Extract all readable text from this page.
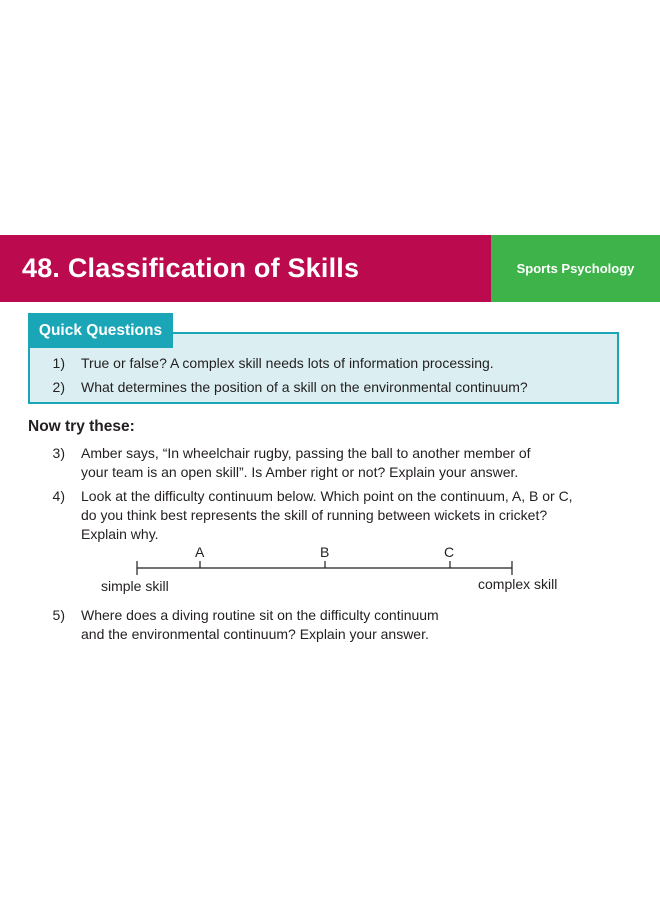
48. Classification of Skills	Sports Psychology
Quick Questions
1) True or false? A complex skill needs lots of information processing.
2) What determines the position of a skill on the environmental continuum?
Now try these:
3) Amber says, “In wheelchair rugby, passing the ball to another member of
your team is an open skill”. Is Amber right or not? Explain your answer.
4) Look at the difficulty continuum below. Which point on the continuum, A, B or C,
do you think best represents the skill of running between wickets in cricket?
Explain why.
A	B	C
simple skill	complex skill
5) Where does a diving routine sit on the difficulty continuum
and the environmental continuum? Explain your answer.
